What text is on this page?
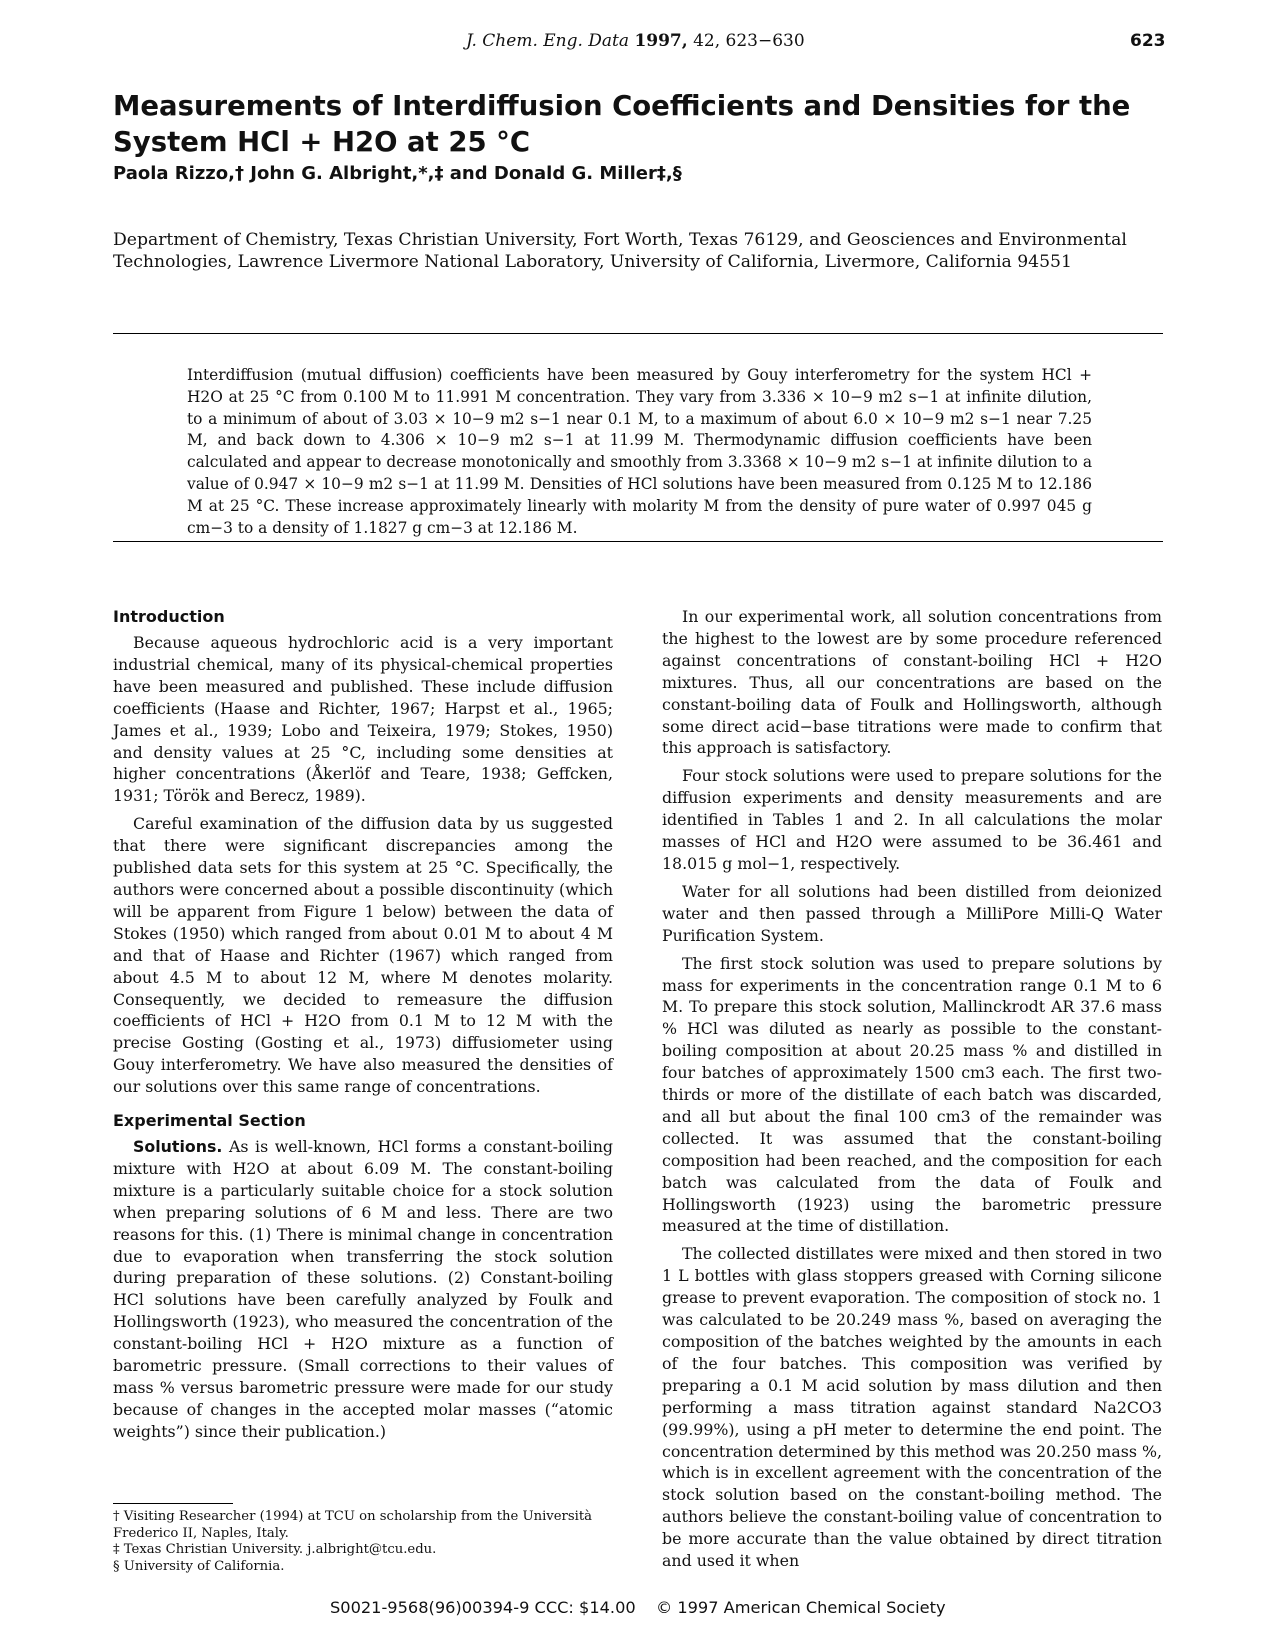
J. Chem. Eng. Data 1997, 42, 623−630	623
Measurements of Interdiffusion Coefficients and Densities for the System HCl + H2O at 25 °C

Paola Rizzo,† John G. Albright,*,‡ and Donald G. Miller‡,§

Department of Chemistry, Texas Christian University, Fort Worth, Texas 76129, and Geosciences and Environmental Technologies, Lawrence Livermore National Laboratory, University of California, Livermore, California 94551

Interdiffusion (mutual diffusion) coefficients have been measured by Gouy interferometry for the system HCl + H2O at 25 °C from 0.100 M to 11.991 M concentration. They vary from 3.336 × 10−9 m2 s−1 at infinite dilution, to a minimum of about of 3.03 × 10−9 m2 s−1 near 0.1 M, to a maximum of about 6.0 × 10−9 m2 s−1 near 7.25 M, and back down to 4.306 × 10−9 m2 s−1 at 11.99 M. Thermodynamic diffusion coefficients have been calculated and appear to decrease monotonically and smoothly from 3.3368 × 10−9 m2 s−1 at infinite dilution to a value of 0.947 × 10−9 m2 s−1 at 11.99 M. Densities of HCl solutions have been measured from 0.125 M to 12.186 M at 25 °C. These increase approximately linearly with molarity M from the density of pure water of 0.997 045 g cm−3 to a density of 1.1827 g cm−3 at 12.186 M.

Introduction

Because aqueous hydrochloric acid is a very important industrial chemical, many of its physical-chemical properties have been measured and published. These include diffusion coefficients (Haase and Richter, 1967; Harpst et al., 1965; James et al., 1939; Lobo and Teixeira, 1979; Stokes, 1950) and density values at 25 °C, including some densities at higher concentrations (Åkerlöf and Teare, 1938; Geffcken, 1931; Török and Berecz, 1989).

Careful examination of the diffusion data by us suggested that there were significant discrepancies among the published data sets for this system at 25 °C. Specifically, the authors were concerned about a possible discontinuity (which will be apparent from Figure 1 below) between the data of Stokes (1950) which ranged from about 0.01 M to about 4 M and that of Haase and Richter (1967) which ranged from about 4.5 M to about 12 M, where M denotes molarity. Consequently, we decided to remeasure the diffusion coefficients of HCl + H2O from 0.1 M to 12 M with the precise Gosting (Gosting et al., 1973) diffusiometer using Gouy interferometry. We have also measured the densities of our solutions over this same range of concentrations.

Experimental Section

Solutions. As is well-known, HCl forms a constant-boiling mixture with H2O at about 6.09 M. The constant-boiling mixture is a particularly suitable choice for a stock solution when preparing solutions of 6 M and less. There are two reasons for this. (1) There is minimal change in concentration due to evaporation when transferring the stock solution during preparation of these solutions. (2) Constant-boiling HCl solutions have been carefully analyzed by Foulk and Hollingsworth (1923), who measured the concentration of the constant-boiling HCl + H2O mixture as a function of barometric pressure. (Small corrections to their values of mass % versus barometric pressure were made for our study because of changes in the accepted molar masses (“atomic weights”) since their publication.)

In our experimental work, all solution concentrations from the highest to the lowest are by some procedure referenced against concentrations of constant-boiling HCl + H2O mixtures. Thus, all our concentrations are based on the constant-boiling data of Foulk and Hollingsworth, although some direct acid−base titrations were made to confirm that this approach is satisfactory.

Four stock solutions were used to prepare solutions for the diffusion experiments and density measurements and are identified in Tables 1 and 2. In all calculations the molar masses of HCl and H2O were assumed to be 36.461 and 18.015 g mol−1, respectively.

Water for all solutions had been distilled from deionized water and then passed through a MilliPore Milli-Q Water Purification System.

The first stock solution was used to prepare solutions by mass for experiments in the concentration range 0.1 M to 6 M. To prepare this stock solution, Mallinckrodt AR 37.6 mass % HCl was diluted as nearly as possible to the constant-boiling composition at about 20.25 mass % and distilled in four batches of approximately 1500 cm3 each. The first two-thirds or more of the distillate of each batch was discarded, and all but about the final 100 cm3 of the remainder was collected. It was assumed that the constant-boiling composition had been reached, and the composition for each batch was calculated from the data of Foulk and Hollingsworth (1923) using the barometric pressure measured at the time of distillation.

The collected distillates were mixed and then stored in two 1 L bottles with glass stoppers greased with Corning silicone grease to prevent evaporation. The composition of stock no. 1 was calculated to be 20.249 mass %, based on averaging the composition of the batches weighted by the amounts in each of the four batches. This composition was verified by preparing a 0.1 M acid solution by mass dilution and then performing a mass titration against standard Na2CO3 (99.99%), using a pH meter to determine the end point. The concentration determined by this method was 20.250 mass %, which is in excellent agreement with the concentration of the stock solution based on the constant-boiling method. The authors believe the constant-boiling value of concentration to be more accurate than the value obtained by direct titration and used it when

† Visiting Researcher (1994) at TCU on scholarship from the Università Frederico II, Naples, Italy.
‡ Texas Christian University. j.albright@tcu.edu.
§ University of California.
S0021-9568(96)00394-9 CCC: $14.00 © 1997 American Chemical Society
